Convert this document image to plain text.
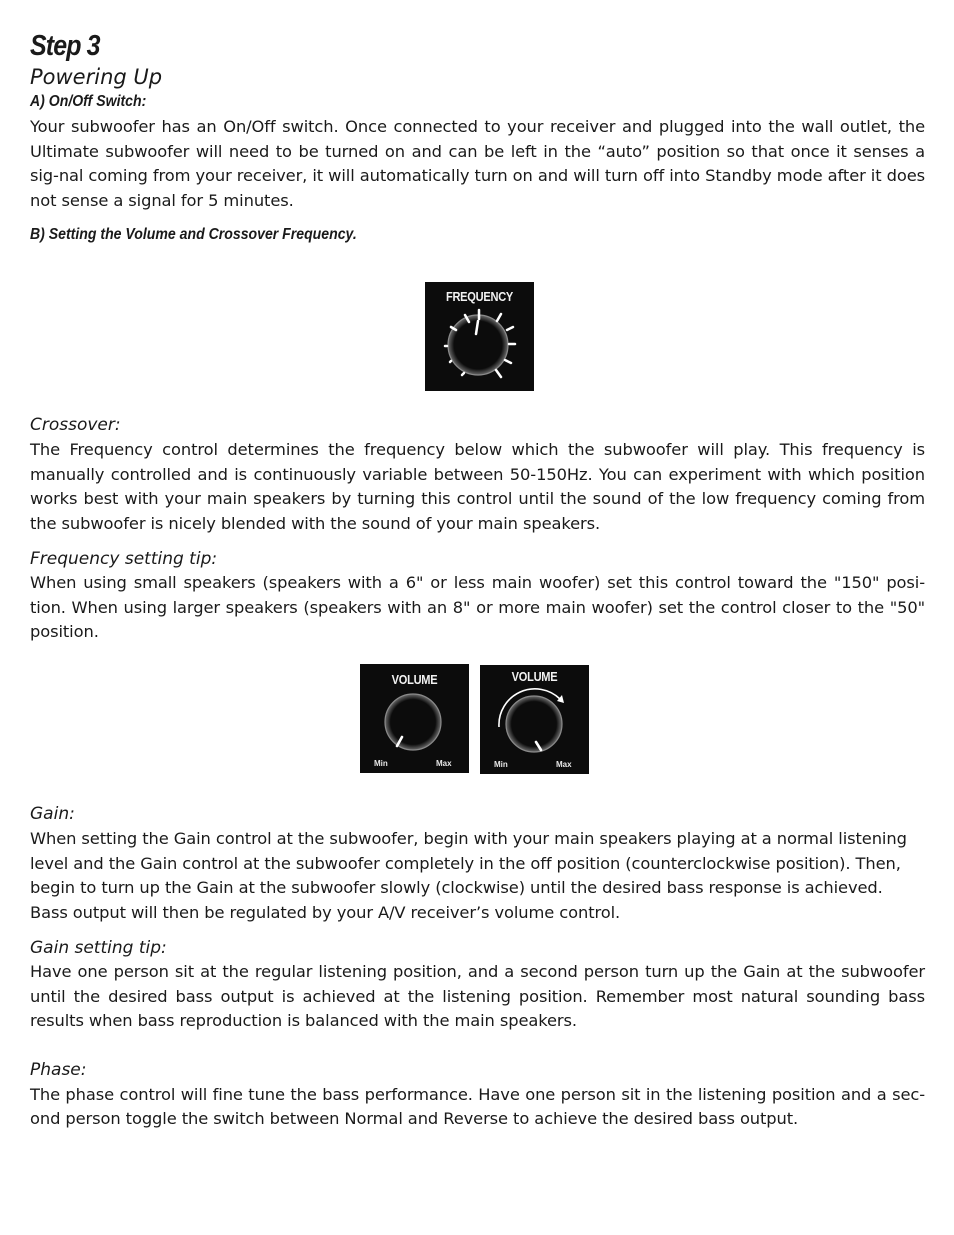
Step 3
Powering Up
A) On/Off Switch:

Your subwoofer has an On/Off switch. Once connected to your receiver and plugged into the wall outlet, the Ultimate subwoofer will need to be turned on and can be left in the “auto” position so that once it senses a sig-nal coming from your receiver, it will automatically turn on and will turn off into Standby mode after it does not sense a signal for 5 minutes.

B) Setting the Volume and Crossover Frequency.
FREQUENCY
Crossover:

The Frequency control determines the frequency below which the subwoofer will play. This frequency is manually controlled and is continuously variable between 50-150Hz. You can experiment with which position works best with your main speakers by turning this control until the sound of the low frequency coming from the subwoofer is nicely blended with the sound of your main speakers.

Frequency setting tip:

When using small speakers (speakers with a 6" or less main woofer) set this control toward the "150" posi-tion. When using larger speakers (speakers with an 8" or more main woofer) set the control closer to the "50" position.

VOLUME
Min	Max
VOLUME
Min	Max
Gain:

When setting the Gain control at the subwoofer, begin with your main speakers playing at a normal listening level and the Gain control at the subwoofer completely in the off position (counterclockwise position). Then, begin to turn up the Gain at the subwoofer slowly (clockwise) until the desired bass response is achieved. Bass output will then be regulated by your A/V receiver’s volume control.

Gain setting tip:

Have one person sit at the regular listening position, and a second person turn up the Gain at the subwoofer until the desired bass output is achieved at the listening position. Remember most natural sounding bass results when bass reproduction is balanced with the main speakers.

Phase:

The phase control will fine tune the bass performance. Have one person sit in the listening position and a sec-ond person toggle the switch between Normal and Reverse to achieve the desired bass output.
